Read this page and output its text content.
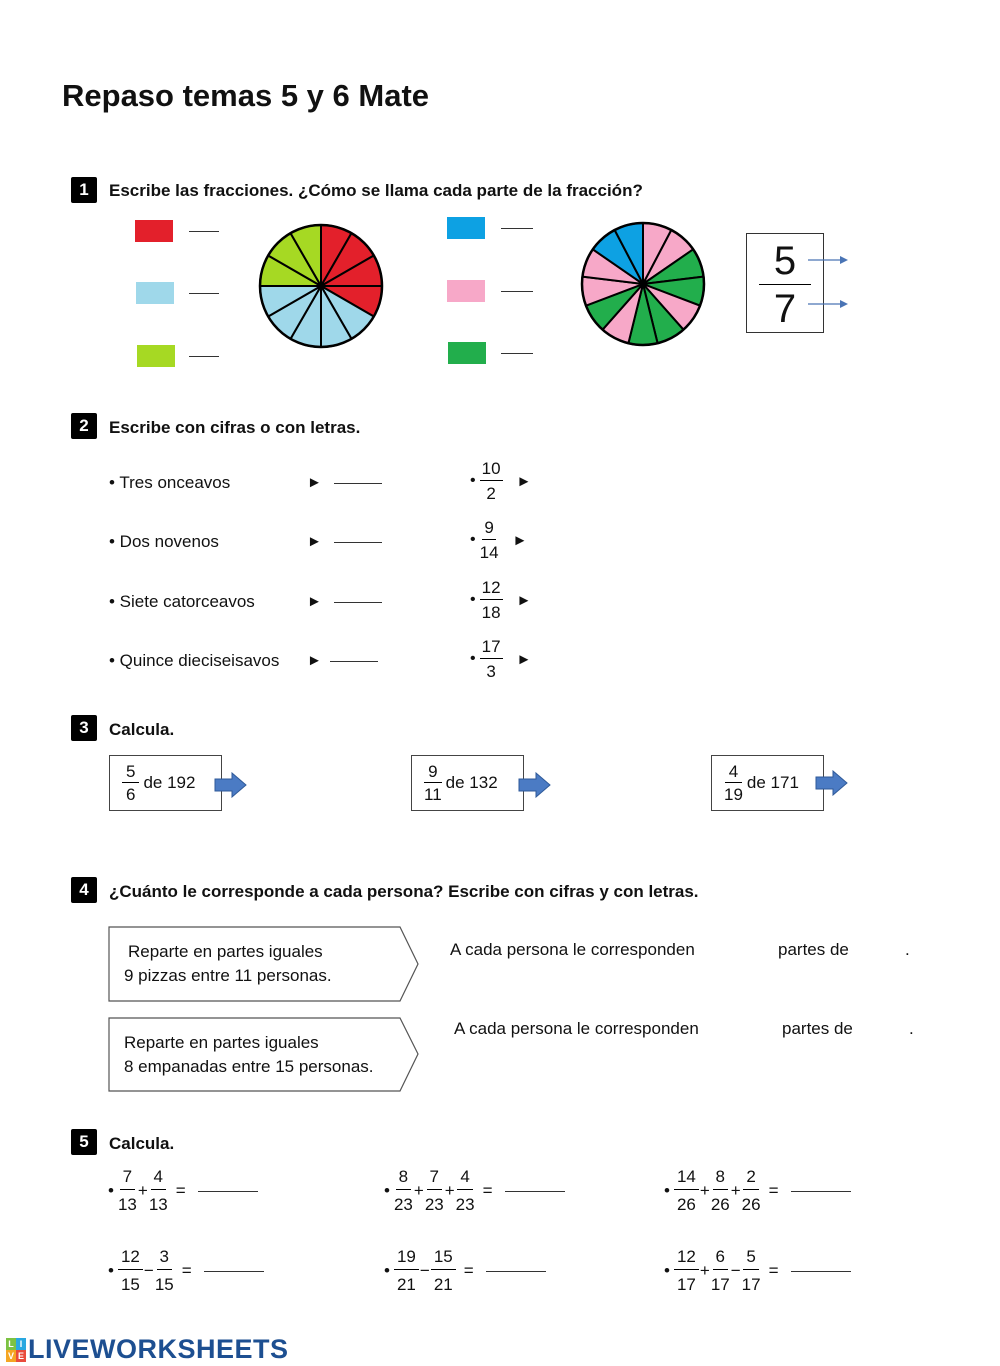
Repaso temas 5 y 6 Mate
1	Escribe las fracciones. ¿Cómo se llama cada parte de la fracción?
5
7
2	Escribe con cifras o con letras.
• Tres onceavos	►
• Dos novenos	►
• Siete catorceavos	►
• Quince dieciseisavos ►
• $\frac{10}{2}$ ►
• $\frac{9}{14}$ ►
• $\frac{12}{18}$ ►
• $\frac{17}{3}$ ►
3	Calcula.
$\frac{5}{6}$ de 192	$\frac{9}{11}$ de 132	$\frac{4}{19}$ de 171
4	¿Cuánto le corresponde a cada persona? Escribe con cifras y con letras.
Reparte en partes iguales
9 pizzas entre 11 personas.
A cada persona le corresponden	partes de	.
Reparte en partes iguales
8 empanadas entre 15 personas.
A cada persona le corresponden	partes de	.
5	Calcula.
• $\frac{7}{13} + \frac{4}{13}$ =	• $\frac{8}{23} + \frac{7}{23} + \frac{4}{23}$ =	• $\frac{14}{26} + \frac{8}{26} + \frac{2}{26}$ =
• $\frac{12}{15} - \frac{3}{15}$ =	• $\frac{19}{21} - \frac{15}{21}$ =	• $\frac{12}{17} + \frac{6}{17} - \frac{5}{17}$ =
L I
V E LIVEWORKSHEETS
